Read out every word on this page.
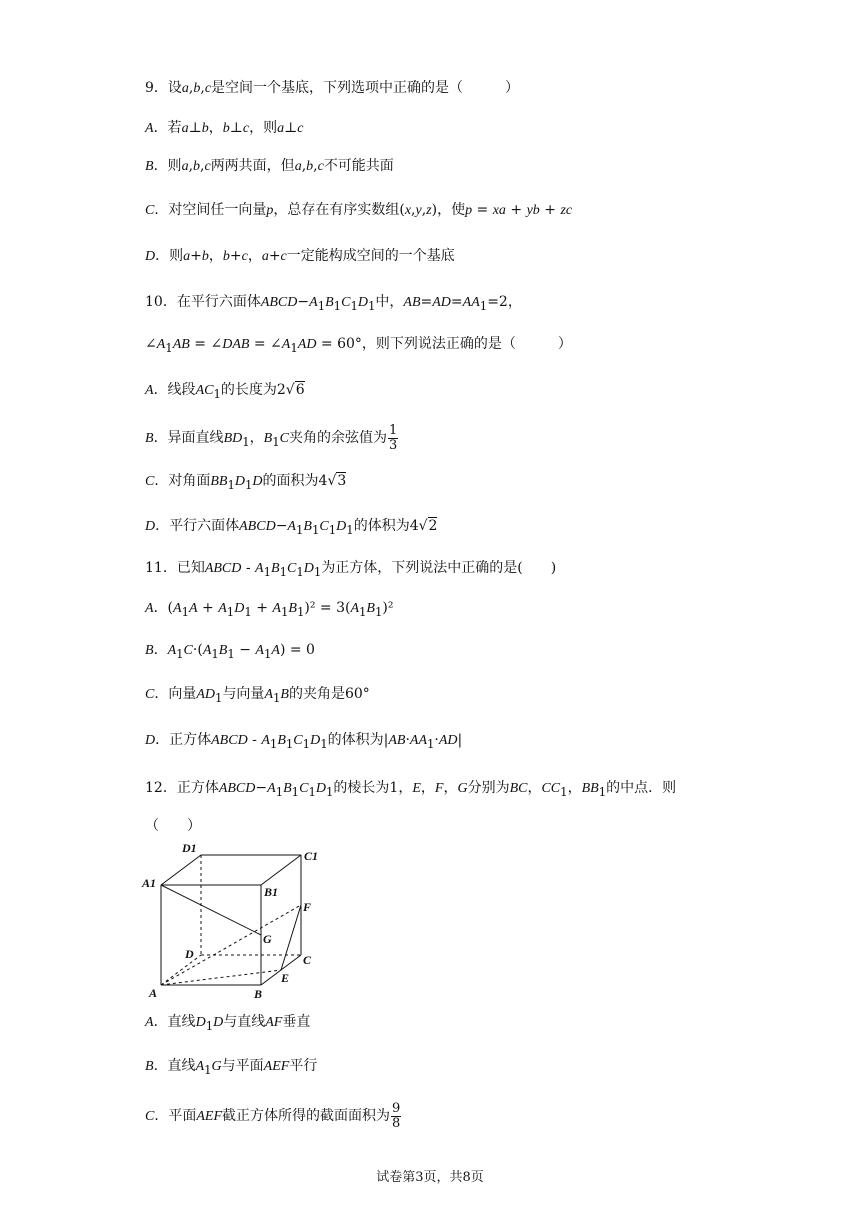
9．设a,b,c是空间一个基底，下列选项中正确的是（　　　）
A．若a⊥b，b⊥c，则a⊥c
B．则a,b,c两两共面，但a,b,c不可能共面
C．对空间任一向量p，总存在有序实数组(x,y,z)，使p = xa + yb + zc
D．则a+b，b+c，a+c一定能构成空间的一个基底
10．在平行六面体$ABCD-A_1B_1C_1D_1$中，$AB=AD=AA_1=2$，
$\angle A_1AB$ = ∠DAB = $\angle A_1AD = 60^\circ$，则下列说法正确的是（　　　）
A．线段$AC_1$的长度为2√6
B．异面直线$BD_1$，$B_1C$夹角的余弦值为 $\frac{1}{3}$
C．对角面$BB_1D_1D$的面积为4√3
D．平行六面体$ABCD-A_1B_1C_1D_1$的体积为4√2
11．已知ABCD - $A_1B_1C_1D_1$为正方体，下列说法中正确的是(　　)
A．$(A_1A + A_1D_1 + A_1B_1)^2 = 3(A_1B_1)^2$
B．$A_1C\cdot(A_1B_1 - A_1A) = 0$
C．向量$AD_1$与向量$A_1B$的夹角是60°
D．正方体ABCD - $A_1B_1C_1D_1$的体积为$|AB\cdot AA_1\cdot AD|$
12．正方体$ABCD-A_1B_1C_1D_1$的棱长为1，E，F，G分别为BC，$CC_1$，$BB_1$的中点．则
（　　）
D1
C1
A1
B1
F
G
D	C
E
A	B
A．直线$D_1D$与直线AF垂直
B．直线$A_1G$与平面AEF平行
C．平面AEF截正方体所得的截面面积为 $\frac{9}{8}$
试卷第3页，共8页
